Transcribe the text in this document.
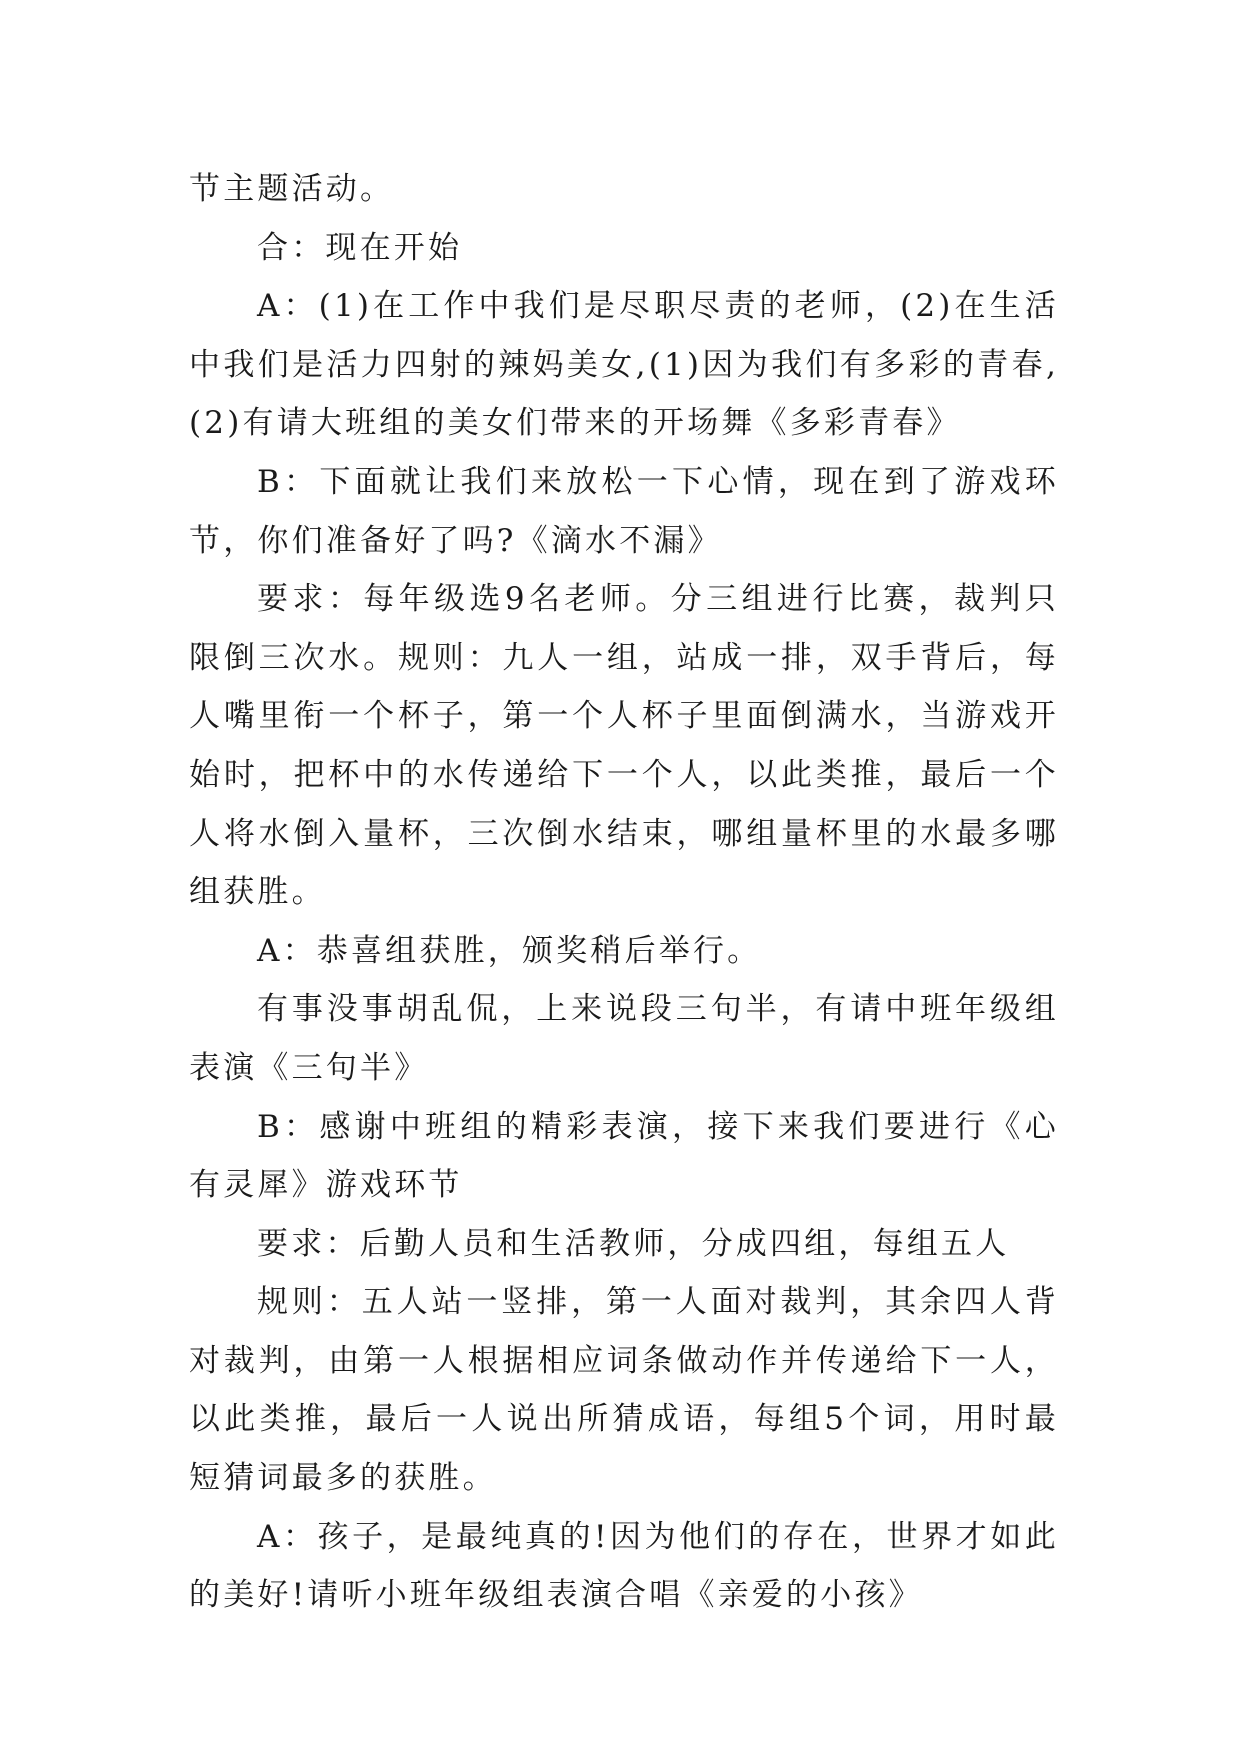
节主题活动。

合：现在开始

A：(1)在工作中我们是尽职尽责的老师，(2)在生活中我们是活力四射的辣妈美女,(1)因为我们有多彩的青春,(2)有请大班组的美女们带来的开场舞《多彩青春》

B：下面就让我们来放松一下心情，现在到了游戏环节，你们准备好了吗?《滴水不漏》

要求：每年级选9名老师。分三组进行比赛，裁判只限倒三次水。规则：九人一组，站成一排，双手背后，每人嘴里衔一个杯子，第一个人杯子里面倒满水，当游戏开始时，把杯中的水传递给下一个人，以此类推，最后一个人将水倒入量杯，三次倒水结束，哪组量杯里的水最多哪组获胜。

A：恭喜组获胜，颁奖稍后举行。

有事没事胡乱侃，上来说段三句半，有请中班年级组表演《三句半》

B：感谢中班组的精彩表演，接下来我们要进行《心有灵犀》游戏环节

要求：后勤人员和生活教师，分成四组，每组五人

规则：五人站一竖排，第一人面对裁判，其余四人背对裁判，由第一人根据相应词条做动作并传递给下一人，以此类推，最后一人说出所猜成语，每组5个词，用时最短猜词最多的获胜。

A：孩子，是最纯真的!因为他们的存在，世界才如此的美好!请听小班年级组表演合唱《亲爱的小孩》
